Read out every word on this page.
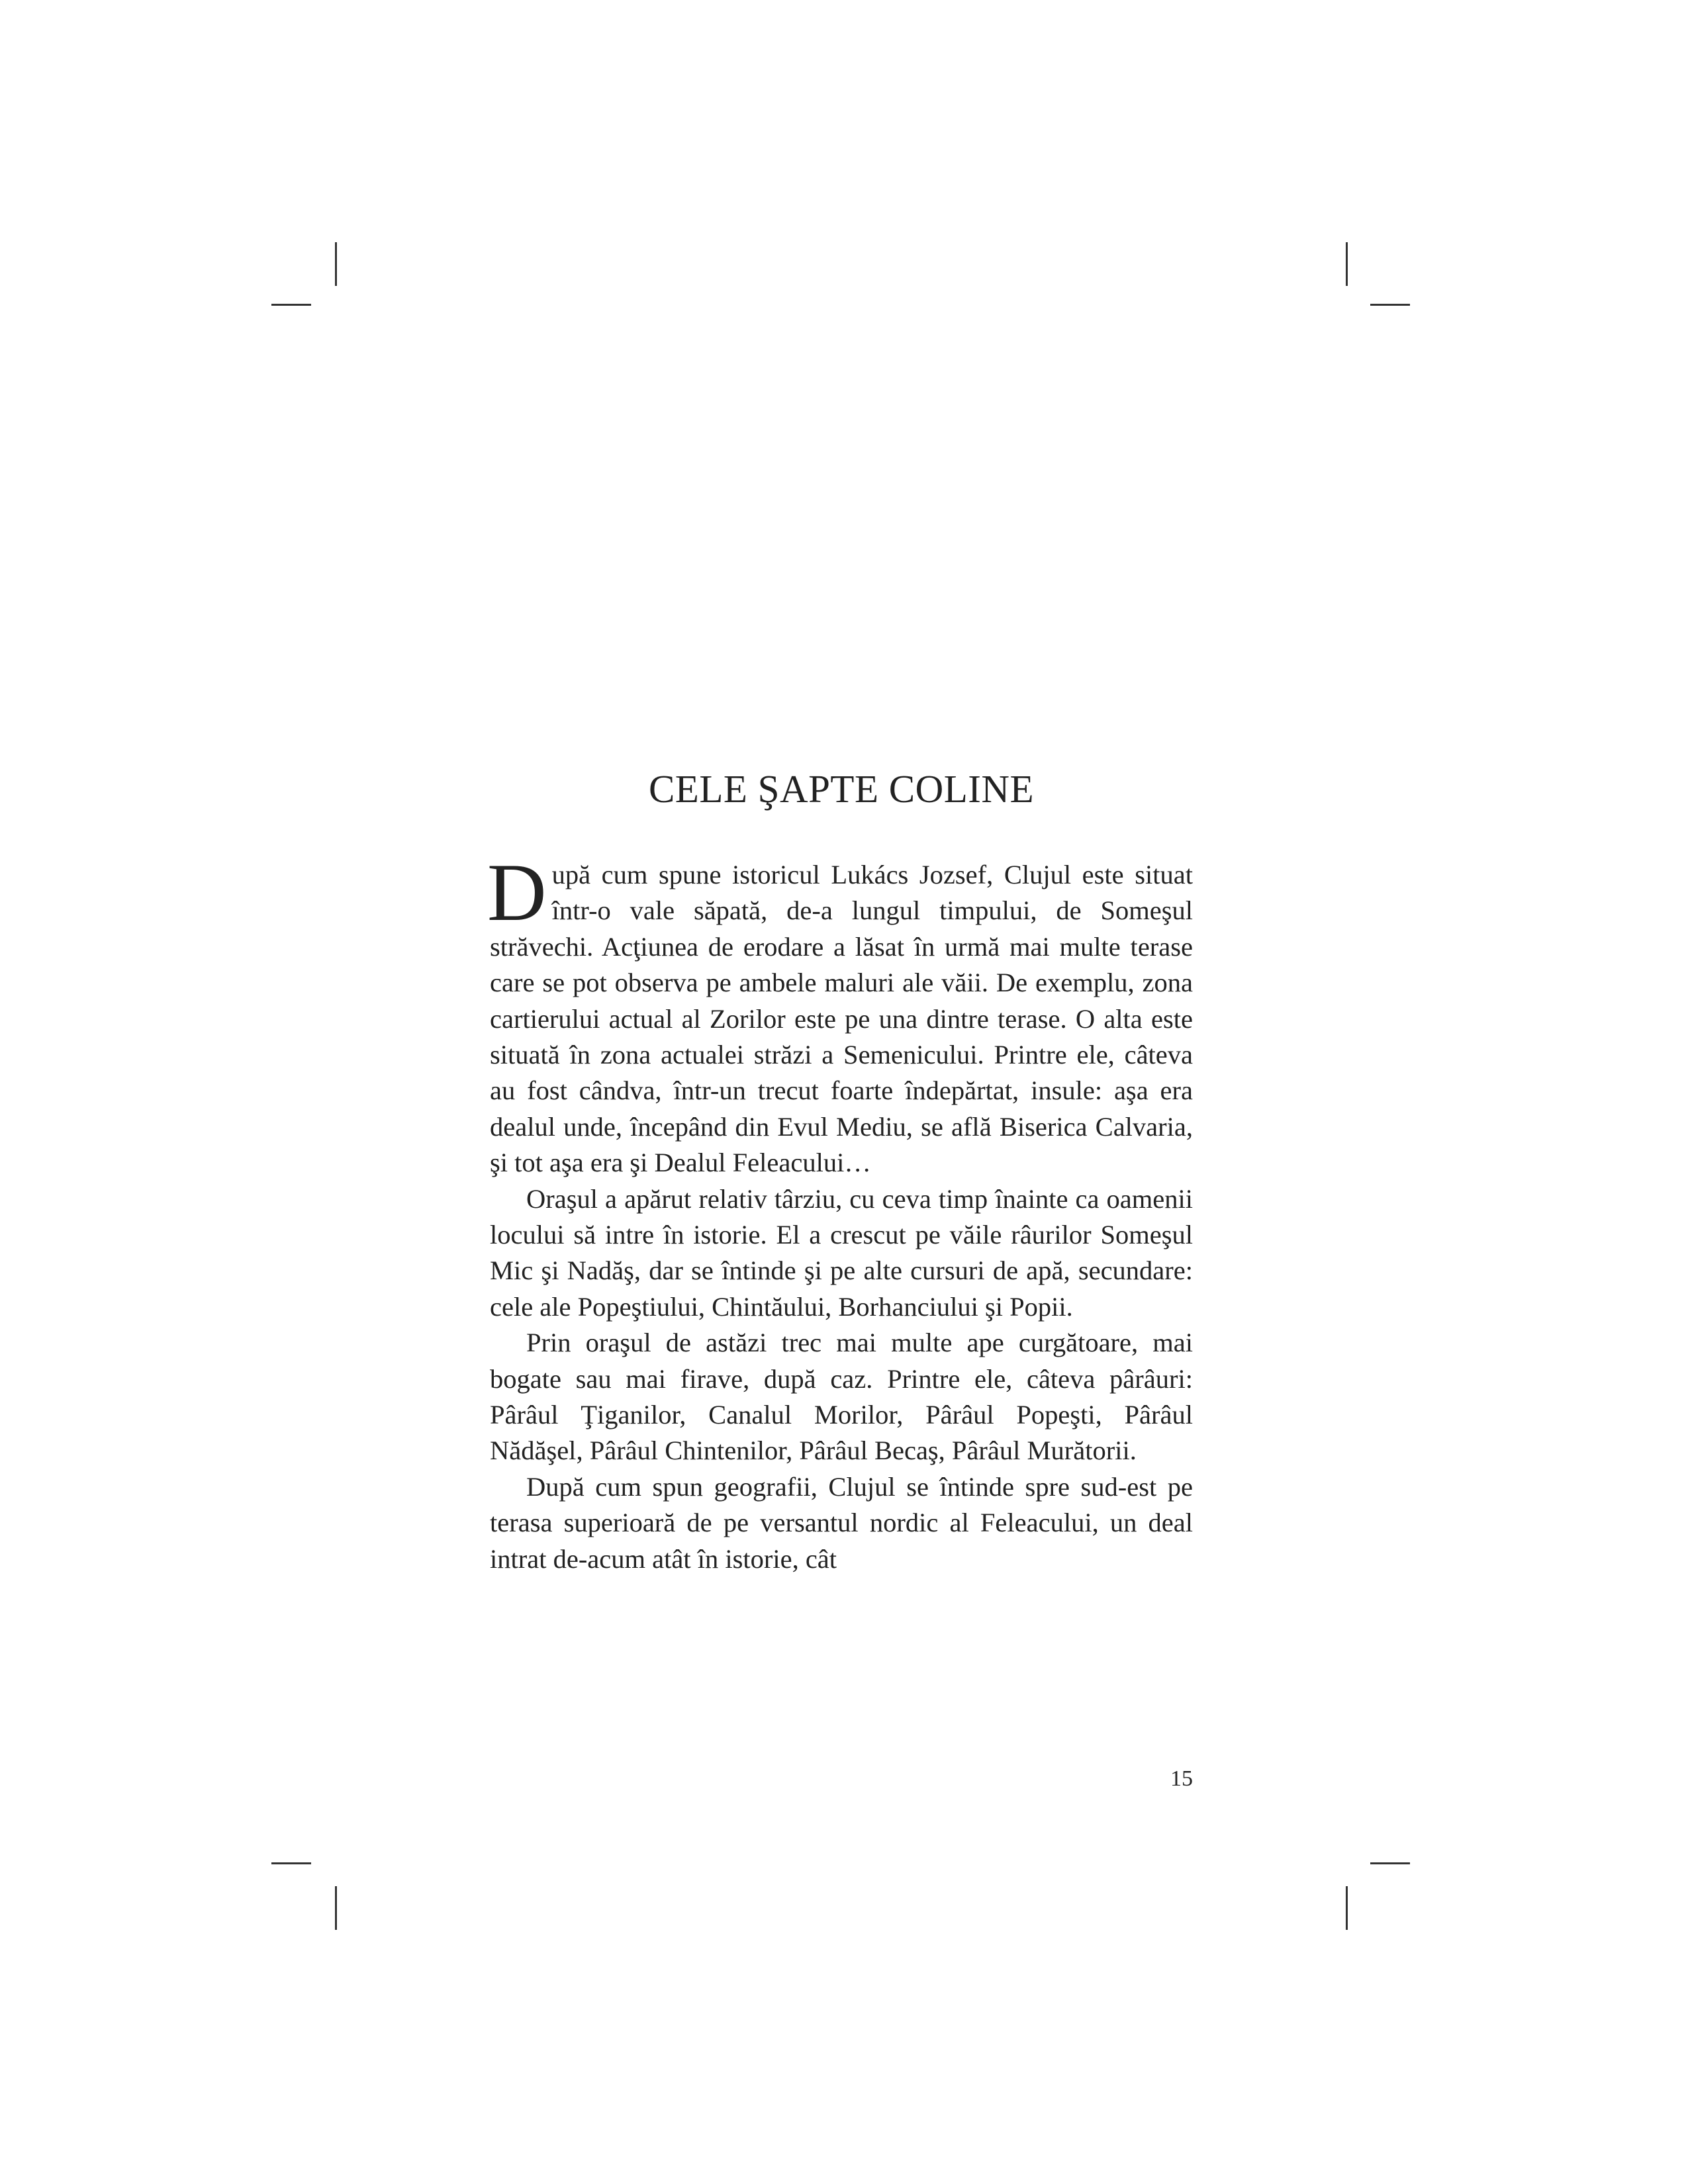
CELE ŞAPTE COLINE

După cum spune istoricul Lukács Jozsef, Clujul este situat într-o vale săpată, de-a lungul timpului, de Someşul străvechi. Acţiunea de erodare a lăsat în urmă mai multe terase care se pot observa pe ambele maluri ale văii. De exemplu, zona cartierului actual al Zorilor este pe una dintre terase. O alta este situată în zona actualei străzi a Semenicului. Printre ele, câteva au fost cândva, într-un trecut foarte îndepărtat, insule: aşa era dealul unde, începând din Evul Mediu, se află Biserica Calvaria, şi tot aşa era şi Dealul Feleacului…

Oraşul a apărut relativ târziu, cu ceva timp înainte ca oamenii locului să intre în istorie. El a crescut pe văile râurilor Someşul Mic şi Nadăş, dar se întinde şi pe alte cursuri de apă, secundare: cele ale Popeştiului, Chintăului, Borhanciului şi Popii.

Prin oraşul de astăzi trec mai multe ape curgătoare, mai bogate sau mai firave, după caz. Printre ele, câteva pârâuri: Pârâul Ţiganilor, Canalul Morilor, Pârâul Popeşti, Pârâul Nădăşel, Pârâul Chintenilor, Pârâul Becaş, Pârâul Murătorii.

După cum spun geografii, Clujul se întinde spre sud-est pe terasa superioară de pe versantul nordic al Feleacului, un deal intrat de-acum atât în istorie, cât

15
